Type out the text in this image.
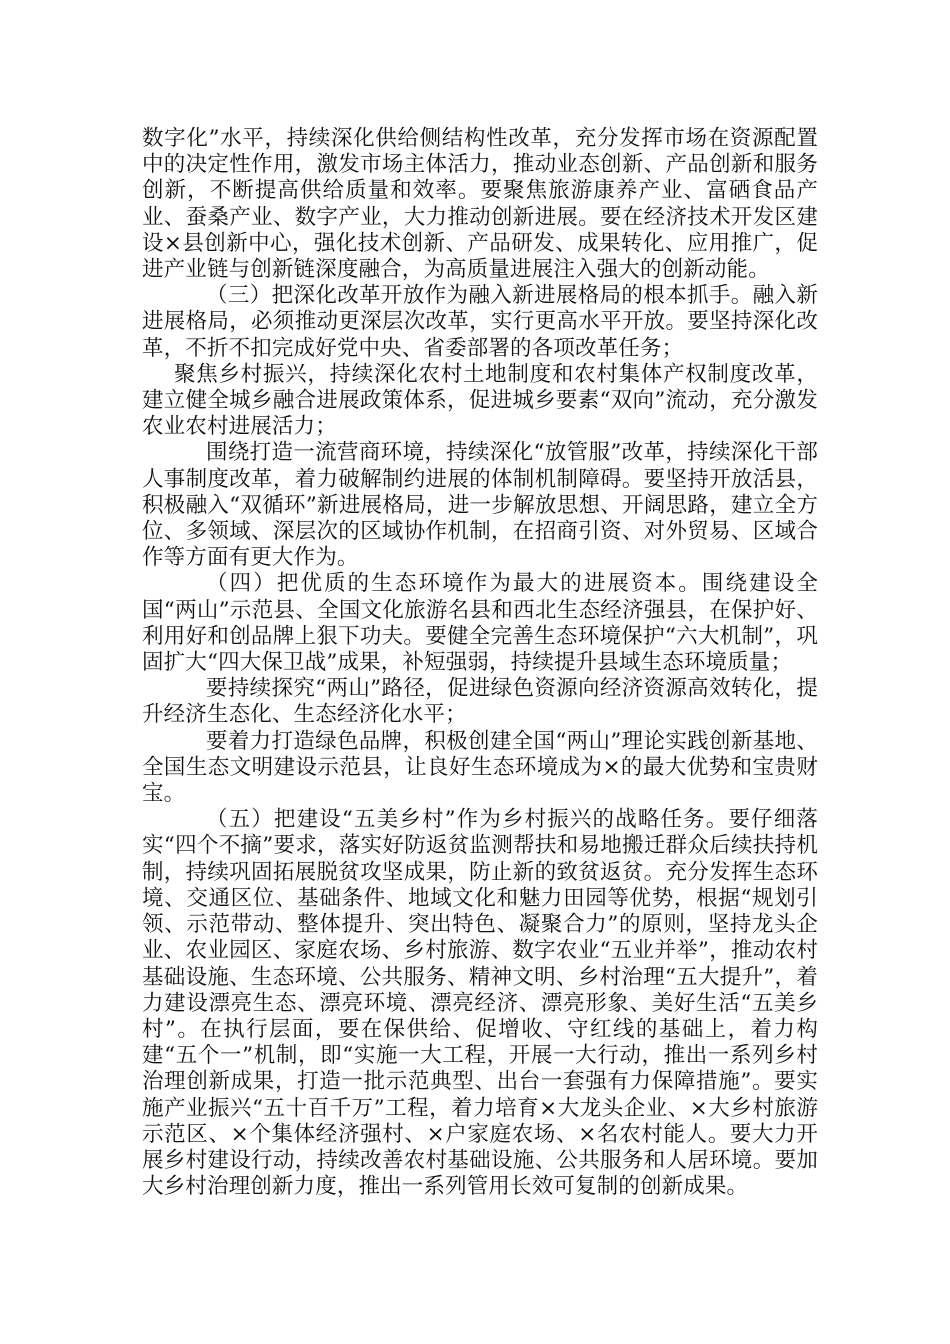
数字化”水平，持续深化供给侧结构性改革，充分发挥市场在资源配置中的决定性作用，激发市场主体活力，推动业态创新、产品创新和服务创新，不断提高供给质量和效率。要聚焦旅游康养产业、富硒食品产业、蚕桑产业、数字产业，大力推动创新进展。要在经济技术开发区建设×县创新中心，强化技术创新、产品研发、成果转化、应用推广，促进产业链与创新链深度融合，为高质量进展注入强大的创新动能。

（三）把深化改革开放作为融入新进展格局的根本抓手。融入新进展格局，必须推动更深层次改革，实行更高水平开放。要坚持深化改革，不折不扣完成好党中央、省委部署的各项改革任务；

聚焦乡村振兴，持续深化农村土地制度和农村集体产权制度改革，建立健全城乡融合进展政策体系，促进城乡要素“双向”流动，充分激发农业农村进展活力；

围绕打造一流营商环境，持续深化“放管服”改革，持续深化干部人事制度改革，着力破解制约进展的体制机制障碍。要坚持开放活县，积极融入“双循环”新进展格局，进一步解放思想、开阔思路，建立全方位、多领域、深层次的区域协作机制，在招商引资、对外贸易、区域合作等方面有更大作为。

（四）把优质的生态环境作为最大的进展资本。围绕建设全国“两山”示范县、全国文化旅游名县和西北生态经济强县，在保护好、利用好和创品牌上狠下功夫。要健全完善生态环境保护“六大机制”，巩固扩大“四大保卫战”成果，补短强弱，持续提升县域生态环境质量；

要持续探究“两山”路径，促进绿色资源向经济资源高效转化，提升经济生态化、生态经济化水平；

要着力打造绿色品牌，积极创建全国“两山”理论实践创新基地、全国生态文明建设示范县，让良好生态环境成为×的最大优势和宝贵财宝。

（五）把建设“五美乡村”作为乡村振兴的战略任务。要仔细落实“四个不摘”要求，落实好防返贫监测帮扶和易地搬迁群众后续扶持机制，持续巩固拓展脱贫攻坚成果，防止新的致贫返贫。充分发挥生态环境、交通区位、基础条件、地域文化和魅力田园等优势，根据“规划引领、示范带动、整体提升、突出特色、凝聚合力”的原则，坚持龙头企业、农业园区、家庭农场、乡村旅游、数字农业“五业并举”，推动农村基础设施、生态环境、公共服务、精神文明、乡村治理“五大提升”，着力建设漂亮生态、漂亮环境、漂亮经济、漂亮形象、美好生活“五美乡村”。在执行层面，要在保供给、促增收、守红线的基础上，着力构建“五个一”机制，即“实施一大工程，开展一大行动，推出一系列乡村治理创新成果，打造一批示范典型、出台一套强有力保障措施”。要实施产业振兴“五十百千万”工程，着力培育×大龙头企业、×大乡村旅游示范区、×个集体经济强村、×户家庭农场、×名农村能人。要大力开展乡村建设行动，持续改善农村基础设施、公共服务和人居环境。要加大乡村治理创新力度，推出一系列管用长效可复制的创新成果。
